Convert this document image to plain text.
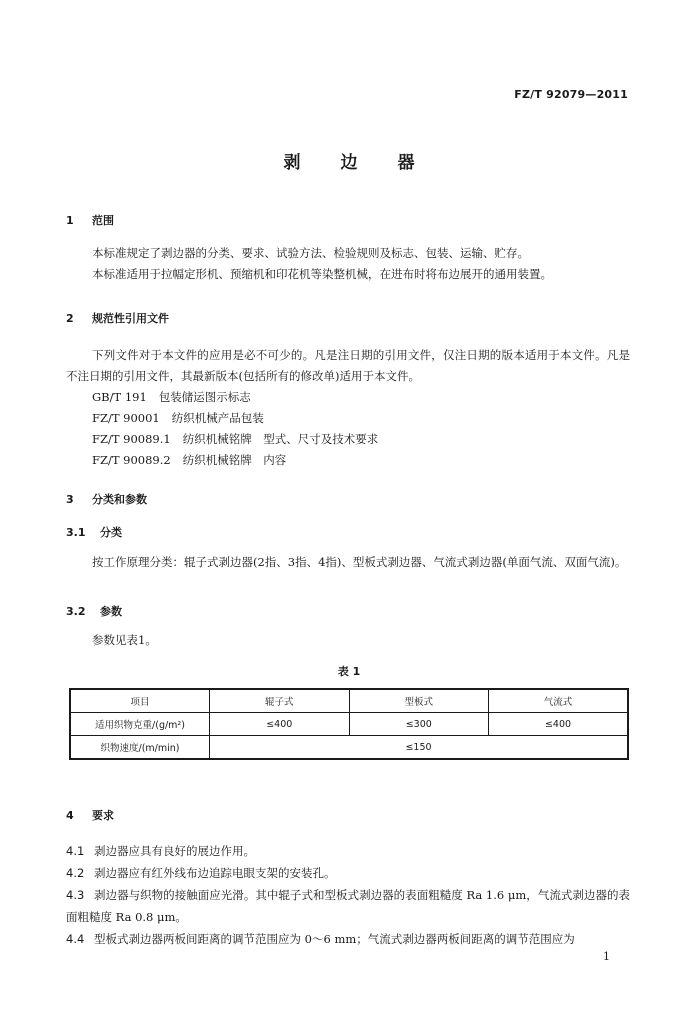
FZ/T 92079—2011
剥边器
1 范围
本标准规定了剥边器的分类、要求、试验方法、检验规则及标志、包装、运输、贮存。
本标准适用于拉幅定形机、预缩机和印花机等染整机械，在进布时将布边展开的通用装置。
2 规范性引用文件
下列文件对于本文件的应用是必不可少的。凡是注日期的引用文件，仅注日期的版本适用于本文件。凡是不注日期的引用文件，其最新版本(包括所有的修改单)适用于本文件。
GB/T 191 包装储运图示标志
FZ/T 90001 纺织机械产品包装
FZ/T 90089.1 纺织机械铭牌　型式、尺寸及技术要求
FZ/T 90089.2 纺织机械铭牌　内容
3 分类和参数
3.1 分类
按工作原理分类：辊子式剥边器(2指、3指、4指)、型板式剥边器、气流式剥边器(单面气流、双面气流)。
3.2 参数
参数见表1。
表 1
项目	辊子式	型板式	气流式
适用织物克重/(g/m²)	≤400	≤300	≤400
织物速度/(m/min)	≤150		
4 要求
4.1 剥边器应具有良好的展边作用。
4.2 剥边器应有红外线布边追踪电眼支架的安装孔。
4.3 剥边器与织物的接触面应光滑。其中辊子式和型板式剥边器的表面粗糙度 Ra 1.6 μm，气流式剥边器的表面粗糙度 Ra 0.8 μm。
4.4 型板式剥边器两板间距离的调节范围应为 0～6 mm；气流式剥边器两板间距离的调节范围应为
1
